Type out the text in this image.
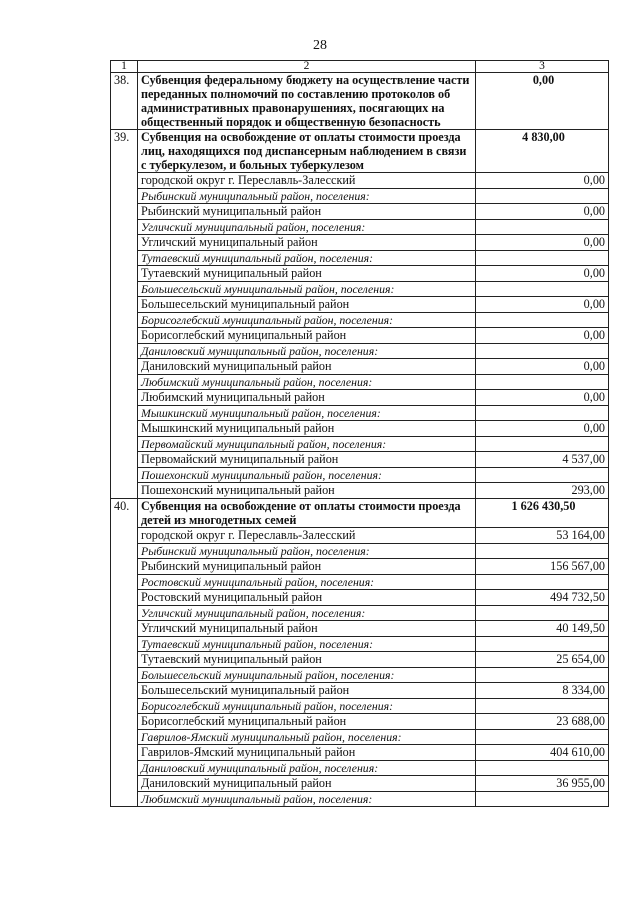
28
1	2	3
38.	Субвенция федеральному бюджету на осуществление части переданных полномочий по составлению протоколов об административных правонарушениях, посягающих на общественный порядок и общественную безопасность	0,00
39.	Субвенция на освобождение от оплаты стоимости проезда лиц, находящихся под диспансерным наблюдением в связи с туберкулезом, и больных туберкулезом	4 830,00
	городской округ г. Переславль-Залесский	0,00
	Рыбинский муниципальный район, поселения:	
	Рыбинский муниципальный район	0,00
	Угличский муниципальный район, поселения:	
	Угличский муниципальный район	0,00
	Тутаевский муниципальный район, поселения:	
	Тутаевский муниципальный район	0,00
	Большесельский муниципальный район, поселения:	
	Большесельский муниципальный район	0,00
	Борисоглебский муниципальный район, поселения:	
	Борисоглебский муниципальный район	0,00
	Даниловский муниципальный район, поселения:	
	Даниловский муниципальный район	0,00
	Любимский муниципальный район, поселения:	
	Любимский муниципальный район	0,00
	Мышкинский муниципальный район, поселения:	
	Мышкинский муниципальный район	0,00
	Первомайский муниципальный район, поселения:	
	Первомайский муниципальный район	4 537,00
	Пошехонский муниципальный район, поселения:	
	Пошехонский муниципальный район	293,00
40.	Субвенция на освобождение от оплаты стоимости проезда детей из многодетных семей	1 626 430,50
	городской округ г. Переславль-Залесский	53 164,00
	Рыбинский муниципальный район, поселения:	
	Рыбинский муниципальный район	156 567,00
	Ростовский муниципальный район, поселения:	
	Ростовский муниципальный район	494 732,50
	Угличский муниципальный район, поселения:	
	Угличский муниципальный район	40 149,50
	Тутаевский муниципальный район, поселения:	
	Тутаевский муниципальный район	25 654,00
	Большесельский муниципальный район, поселения:	
	Большесельский муниципальный район	8 334,00
	Борисоглебский муниципальный район, поселения:	
	Борисоглебский муниципальный район	23 688,00
	Гаврилов-Ямский муниципальный район, поселения:	
	Гаврилов-Ямский муниципальный район	404 610,00
	Даниловский муниципальный район, поселения:	
	Даниловский муниципальный район	36 955,00
	Любимский муниципальный район, поселения:	
